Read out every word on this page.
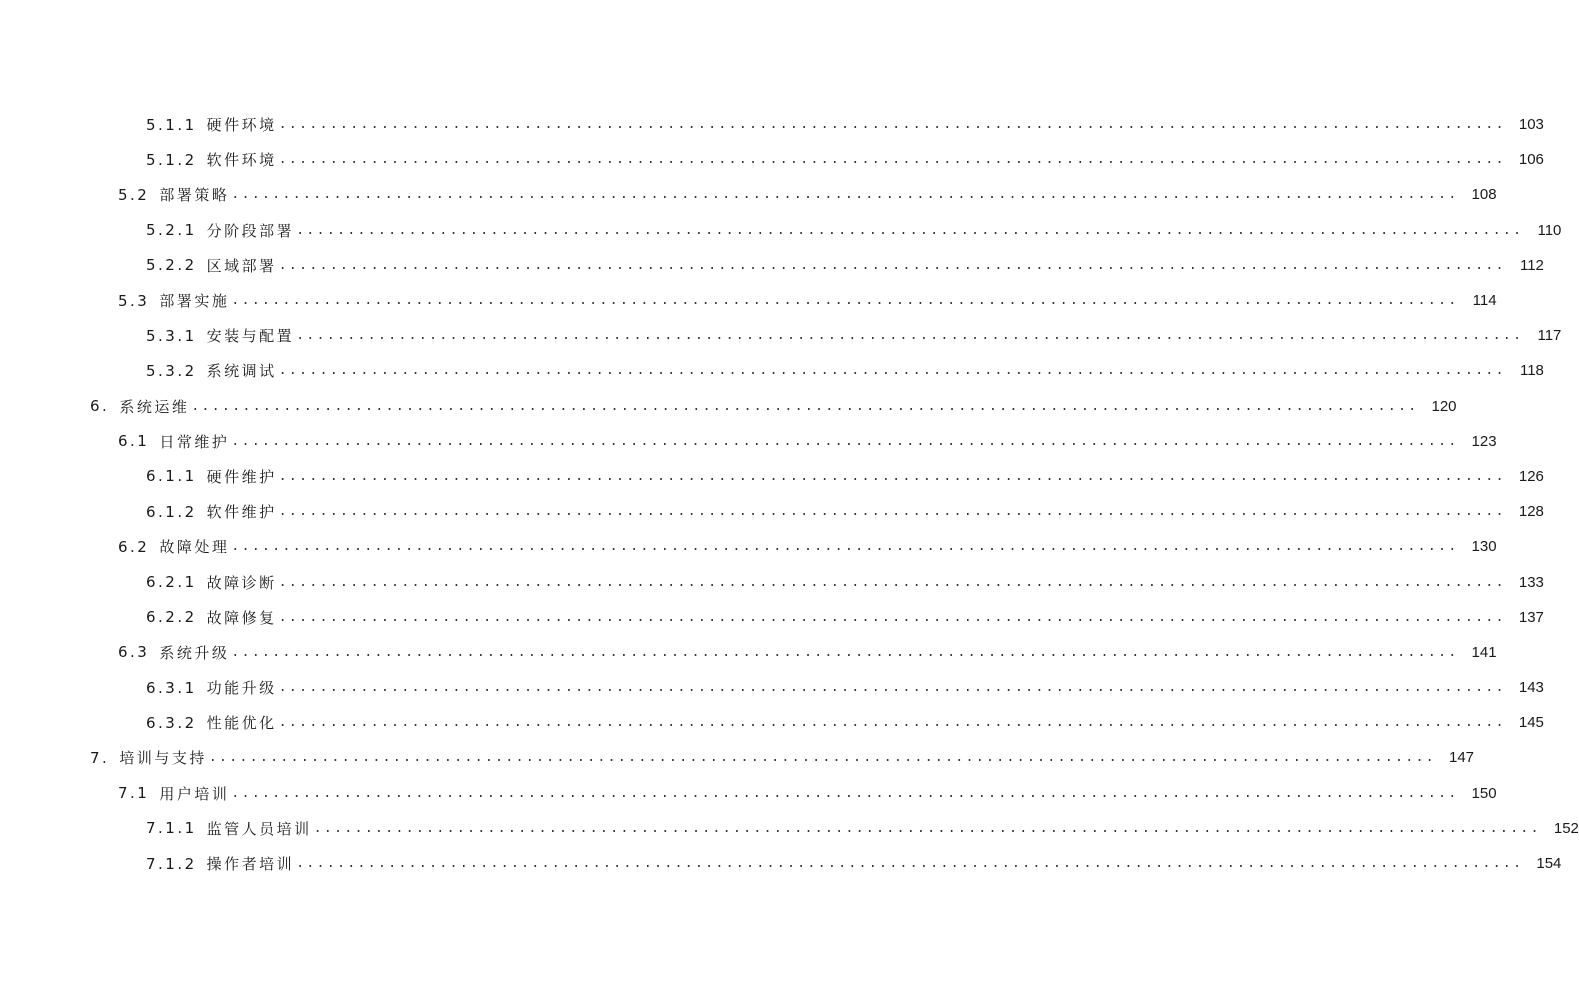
5.1.1 硬件环境 ........................................................................................................................ 103
5.1.2 软件环境 ........................................................................................................................ 106
5.2 部署策略 ........................................................................................................................ 108
5.2.1 分阶段部署 ........................................................................................................................ 110
5.2.2 区域部署 ........................................................................................................................ 112
5.3 部署实施 ........................................................................................................................ 114
5.3.1 安装与配置 ........................................................................................................................ 117
5.3.2 系统调试 ........................................................................................................................ 118
6. 系统运维 ........................................................................................................................ 120
6.1 日常维护 ........................................................................................................................ 123
6.1.1 硬件维护 ........................................................................................................................ 126
6.1.2 软件维护 ........................................................................................................................ 128
6.2 故障处理 ........................................................................................................................ 130
6.2.1 故障诊断 ........................................................................................................................ 133
6.2.2 故障修复 ........................................................................................................................ 137
6.3 系统升级 ........................................................................................................................ 141
6.3.1 功能升级 ........................................................................................................................ 143
6.3.2 性能优化 ........................................................................................................................ 145
7. 培训与支持 ........................................................................................................................ 147
7.1 用户培训 ........................................................................................................................ 150
7.1.1 监管人员培训 ........................................................................................................................ 152
7.1.2 操作者培训 ........................................................................................................................ 154
